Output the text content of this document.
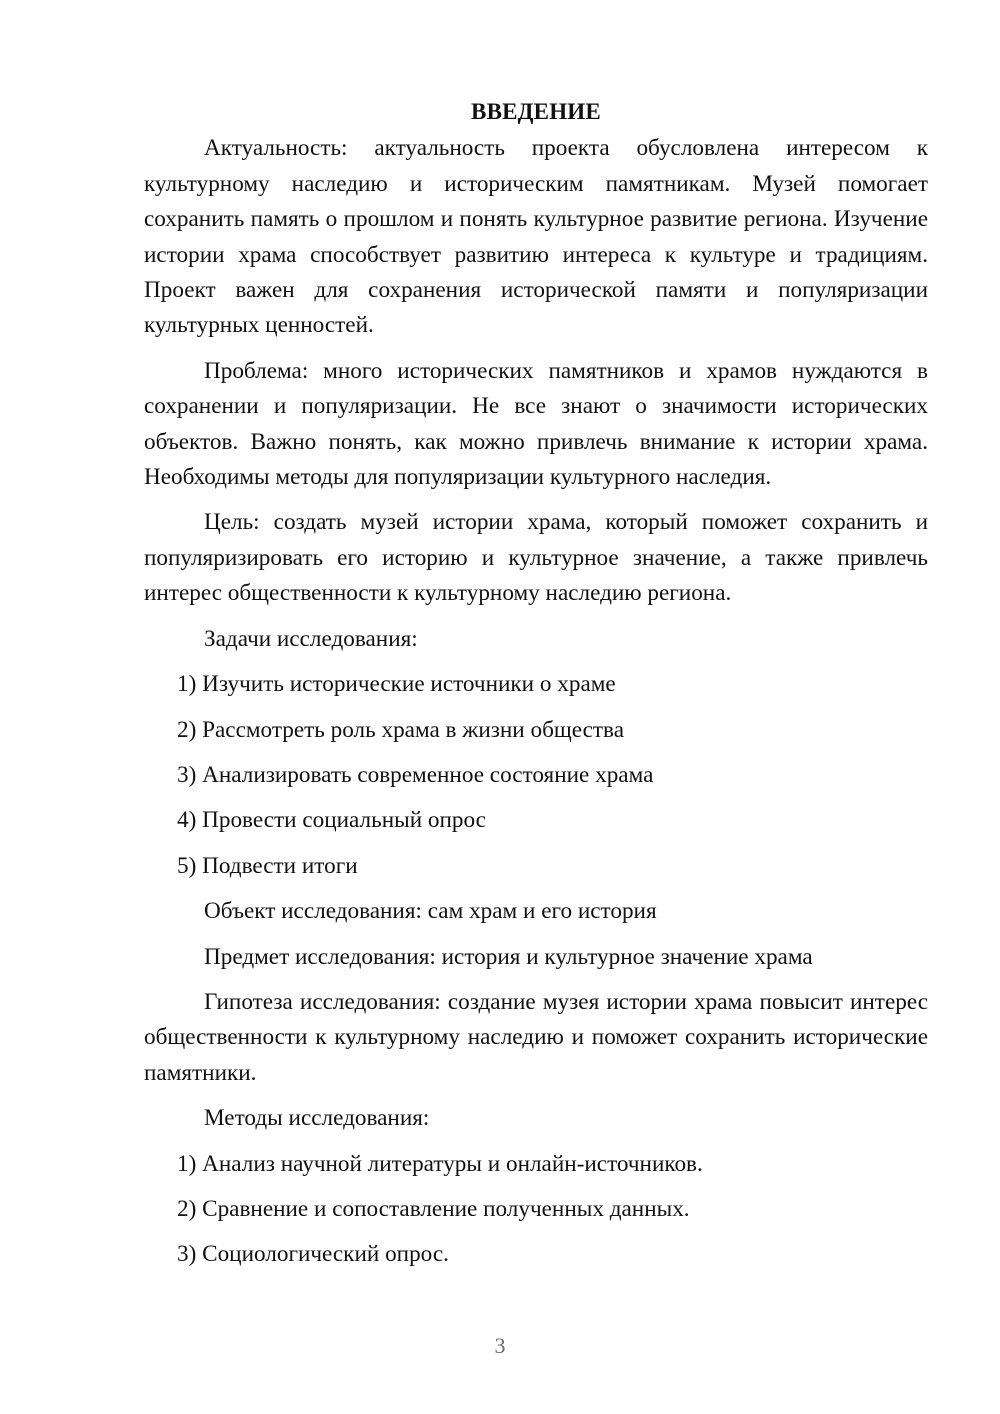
ВВЕДЕНИЕ

Актуальность: актуальность проекта обусловлена интересом к культурному наследию и историческим памятникам. Музей помогает сохранить память о прошлом и понять культурное развитие региона. Изучение истории храма способствует развитию интереса к культуре и традициям. Проект важен для сохранения исторической памяти и популяризации культурных ценностей.

Проблема: много исторических памятников и храмов нуждаются в сохранении и популяризации. Не все знают о значимости исторических объектов. Важно понять, как можно привлечь внимание к истории храма. Необходимы методы для популяризации культурного наследия.

Цель: создать музей истории храма, который поможет сохранить и популяризировать его историю и культурное значение, а также привлечь интерес общественности к культурному наследию региона.

Задачи исследования:
1) Изучить исторические источники о храме
2) Рассмотреть роль храма в жизни общества
3) Анализировать современное состояние храма
4) Провести социальный опрос
5) Подвести итоги
Объект исследования: сам храм и его история
Предмет исследования: история и культурное значение храма

Гипотеза исследования: создание музея истории храма повысит интерес общественности к культурному наследию и поможет сохранить исторические памятники.

Методы исследования:
1) Анализ научной литературы и онлайн-источников.
2) Сравнение и сопоставление полученных данных.
3) Социологический опрос.
3
